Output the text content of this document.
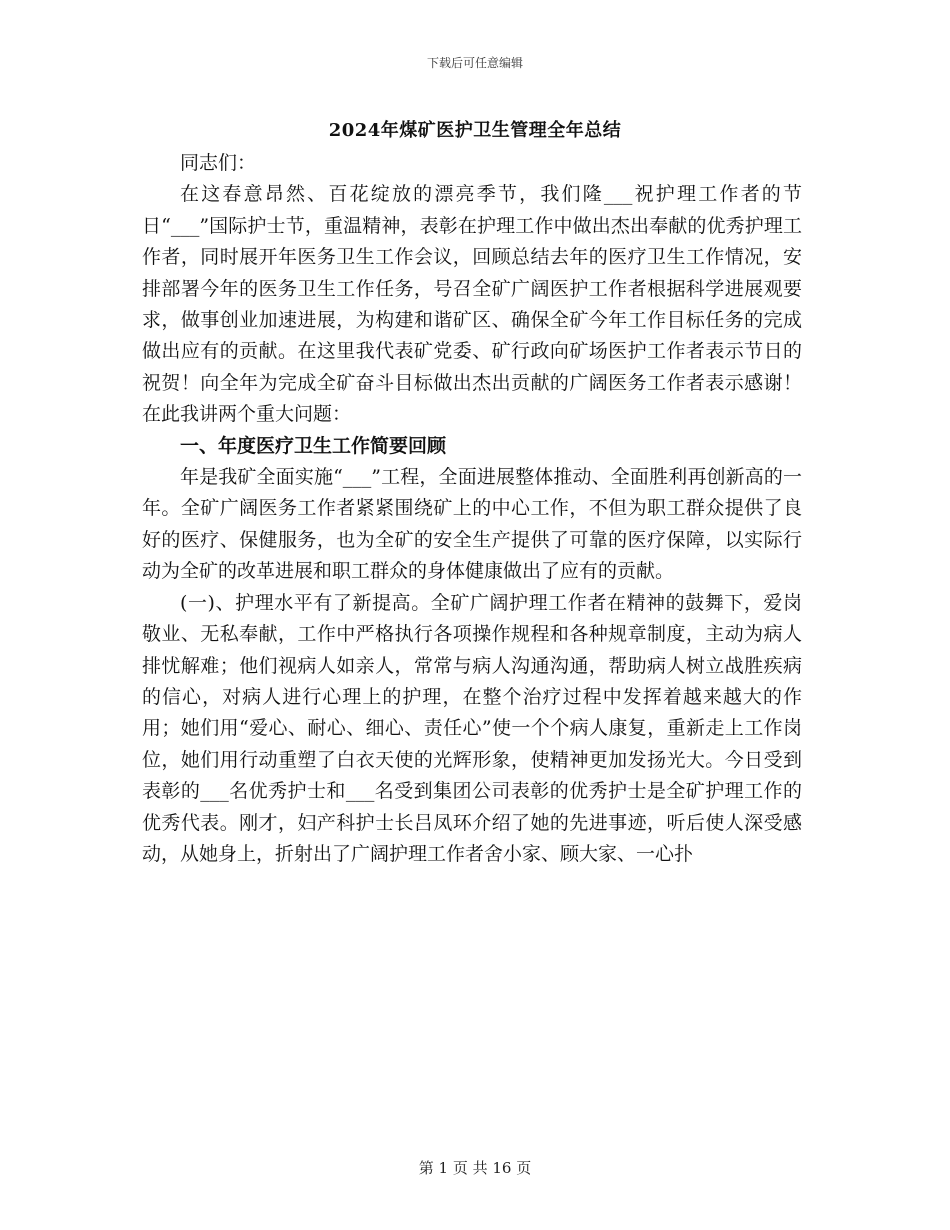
下载后可任意编辑
2024年煤矿医护卫生管理全年总结

同志们：

在这春意昂然、百花绽放的漂亮季节，我们隆___祝护理工作者的节日“___”国际护士节，重温精神，表彰在护理工作中做出杰出奉献的优秀护理工作者，同时展开年医务卫生工作会议，回顾总结去年的医疗卫生工作情况，安排部署今年的医务卫生工作任务，号召全矿广阔医护工作者根据科学进展观要求，做事创业加速进展，为构建和谐矿区、确保全矿今年工作目标任务的完成做出应有的贡献。在这里我代表矿党委、矿行政向矿场医护工作者表示节日的祝贺！向全年为完成全矿奋斗目标做出杰出贡献的广阔医务工作者表示感谢！在此我讲两个重大问题：

一、年度医疗卫生工作简要回顾

年是我矿全面实施“___”工程，全面进展整体推动、全面胜利再创新高的一年。全矿广阔医务工作者紧紧围绕矿上的中心工作，不但为职工群众提供了良好的医疗、保健服务，也为全矿的安全生产提供了可靠的医疗保障，以实际行动为全矿的改革进展和职工群众的身体健康做出了应有的贡献。

(一)、护理水平有了新提高。全矿广阔护理工作者在精神的鼓舞下，爱岗敬业、无私奉献，工作中严格执行各项操作规程和各种规章制度，主动为病人排忧解难；他们视病人如亲人，常常与病人沟通沟通，帮助病人树立战胜疾病的信心，对病人进行心理上的护理，在整个治疗过程中发挥着越来越大的作用；她们用“爱心、耐心、细心、责任心”使一个个病人康复，重新走上工作岗位，她们用行动重塑了白衣天使的光辉形象，使精神更加发扬光大。今日受到表彰的___名优秀护士和___名受到集团公司表彰的优秀护士是全矿护理工作的优秀代表。刚才，妇产科护士长吕凤环介绍了她的先进事迹，听后使人深受感动，从她身上，折射出了广阔护理工作者舍小家、顾大家、一心扑

第 1 页 共 16 页
